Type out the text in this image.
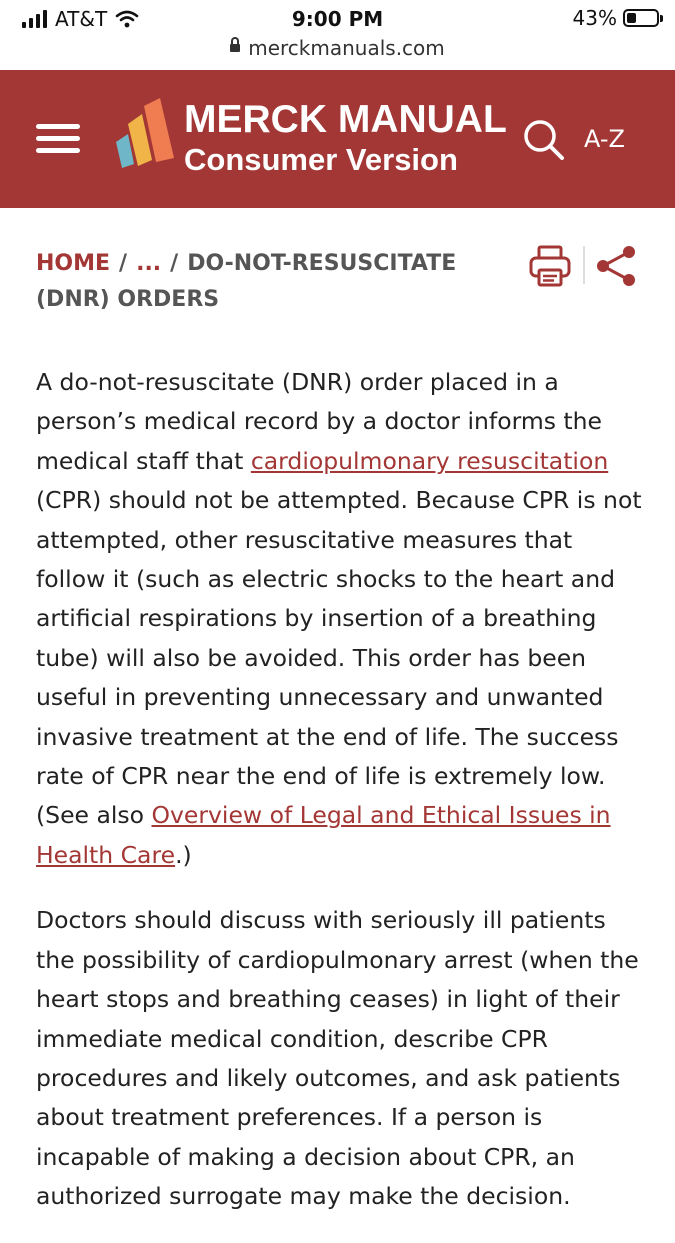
AT&T	9:00 PM	43%
merckmanuals.com
MERCK MANUAL
Consumer Version
A-Z
HOME / ... / DO-NOT-RESUSCITATE (DNR) ORDERS

A do-not-resuscitate (DNR) order placed in a person’s medical record by a doctor informs the medical staff that cardiopulmonary resuscitation (CPR) should not be attempted. Because CPR is not attempted, other resuscitative measures that follow it (such as electric shocks to the heart and artificial respirations by insertion of a breathing tube) will also be avoided. This order has been useful in preventing unnecessary and unwanted invasive treatment at the end of life. The success rate of CPR near the end of life is extremely low. (See also Overview of Legal and Ethical Issues in Health Care.)

Doctors should discuss with seriously ill patients the possibility of cardiopulmonary arrest (when the heart stops and breathing ceases) in light of their immediate medical condition, describe CPR procedures and likely outcomes, and ask patients about treatment preferences. If a person is incapable of making a decision about CPR, an authorized surrogate may make the decision.
